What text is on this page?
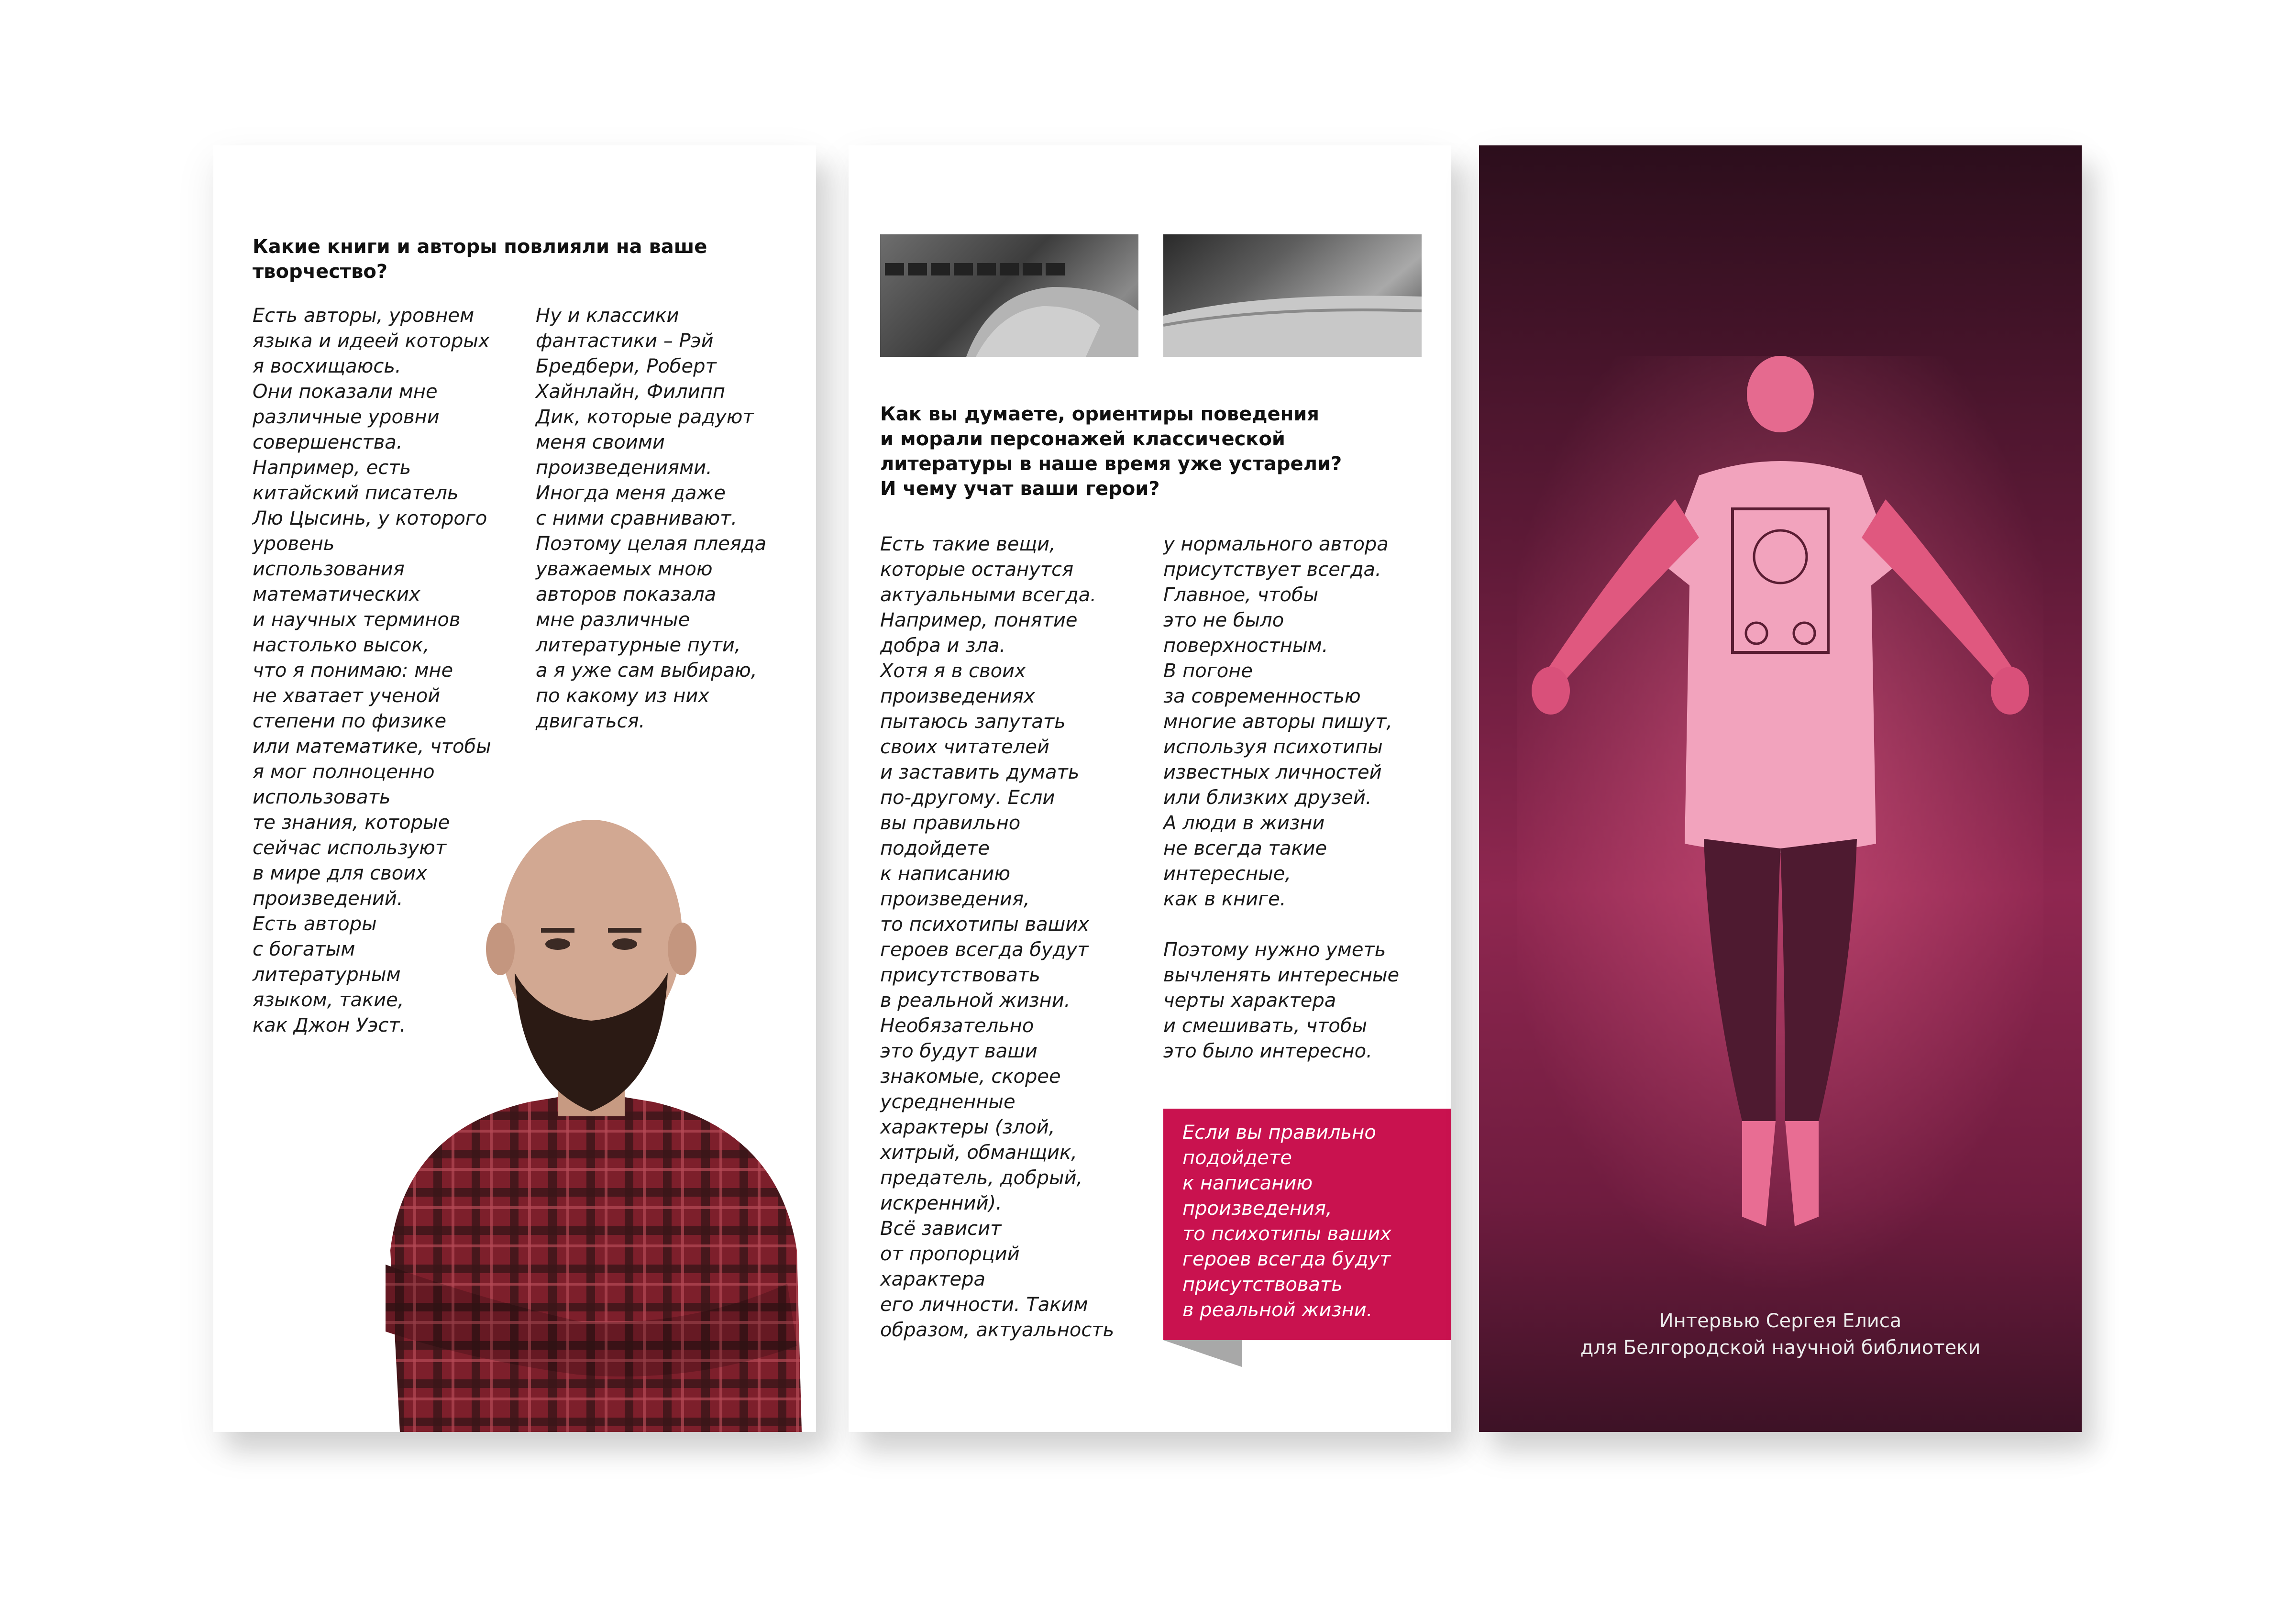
Какие книги и авторы повлияли на ваше творчество?

Есть авторы, уровнем
языка и идеей которых
я восхищаюсь.
Они показали мне
различные уровни
совершенства.
Например, есть
китайский писатель
Лю Цысинь, у которого
уровень
использования
математических
и научных терминов
настолько высок,
что я понимаю: мне
не хватает ученой
степени по физике
или математике, чтобы
я мог полноценно
использовать
те знания, которые
сейчас используют
в мире для своих
произведений.
Есть авторы
с богатым
литературным
языком, такие,
как Джон Уэст.

Ну и классики
фантастики – Рэй
Бредбери, Роберт
Хайнлайн, Филипп
Дик, которые радуют
меня своими
произведениями.
Иногда меня даже
с ними сравнивают.
Поэтому целая плеяда
уважаемых мною
авторов показала
мне различные
литературные пути,
а я уже сам выбираю,
по какому из них
двигаться.

Как вы думаете, ориентиры поведения
и морали персонажей классической
литературы в наше время уже устарели?
И чему учат ваши герои?

Есть такие вещи,
которые останутся
актуальными всегда.
Например, понятие
добра и зла.
Хотя я в своих
произведениях
пытаюсь запутать
своих читателей
и заставить думать
по-другому. Если
вы правильно
подойдете
к написанию
произведения,
то психотипы ваших
героев всегда будут
присутствовать
в реальной жизни.
Необязательно
это будут ваши
знакомые, скорее
усредненные
характеры (злой,
хитрый, обманщик,
предатель, добрый,
искренний).
Всё зависит
от пропорций
характера
его личности. Таким
образом, актуальность

у нормального автора
присутствует всегда.
Главное, чтобы
это не было
поверхностным.
В погоне
за современностью
многие авторы пишут,
используя психотипы
известных личностей
или близких друзей.
А люди в жизни
не всегда такие
интересные,
как в книге.

Поэтому нужно уметь
вычленять интересные
черты характера
и смешивать, чтобы
это было интересно.

Если вы правильно
подойдете
к написанию
произведения,
то психотипы ваших
героев всегда будут
присутствовать
в реальной жизни.	Интервью Сергея Елиса
для Белгородской научной библиотеки
